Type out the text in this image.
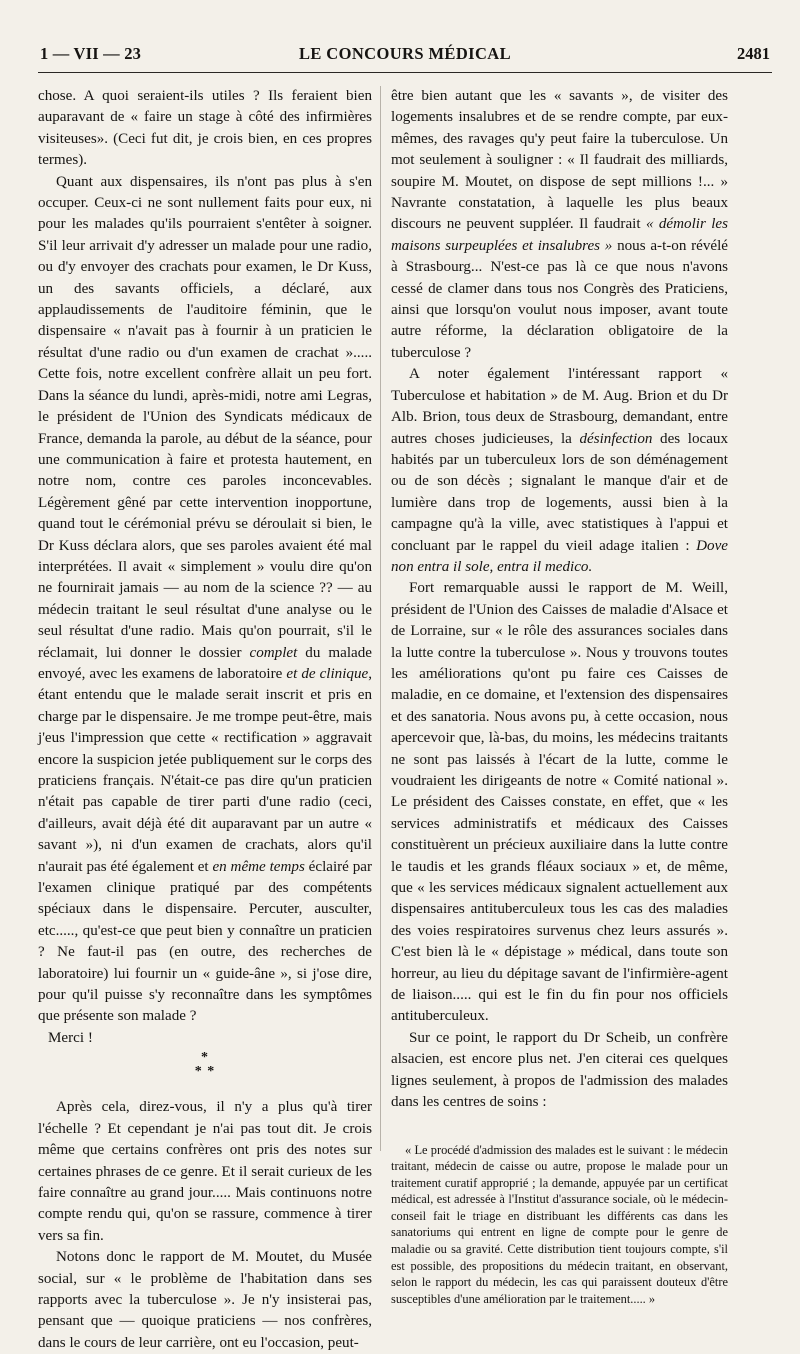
1 — VII — 23	LE CONCOURS MÉDICAL	2481

chose. A quoi seraient-ils utiles ? Ils feraient bien auparavant de « faire un stage à côté des infirmières visiteuses». (Ceci fut dit, je crois bien, en ces propres termes).

Quant aux dispensaires, ils n'ont pas plus à s'en occuper. Ceux-ci ne sont nullement faits pour eux, ni pour les malades qu'ils pourraient s'entêter à soigner. S'il leur arrivait d'y adresser un malade pour une radio, ou d'y envoyer des crachats pour examen, le Dr Kuss, un des savants officiels, a déclaré, aux applaudissements de l'auditoire féminin, que le dispensaire « n'avait pas à fournir à un praticien le résultat d'une radio ou d'un examen de crachat »..... Cette fois, notre excellent confrère allait un peu fort. Dans la séance du lundi, après-midi, notre ami Legras, le président de l'Union des Syndicats médicaux de France, demanda la parole, au début de la séance, pour une communication à faire et protesta hautement, en notre nom, contre ces paroles inconcevables. Légèrement gêné par cette intervention inopportune, quand tout le cérémonial prévu se déroulait si bien, le Dr Kuss déclara alors, que ses paroles avaient été mal interprétées. Il avait « simplement » voulu dire qu'on ne fournirait jamais — au nom de la science ?? — au médecin traitant le seul résultat d'une analyse ou le seul résultat d'une radio. Mais qu'on pourrait, s'il le réclamait, lui donner le dossier complet du malade envoyé, avec les examens de laboratoire et de clinique, étant entendu que le malade serait inscrit et pris en charge par le dispensaire. Je me trompe peut-être, mais j'eus l'impression que cette « rectification » aggravait encore la suspicion jetée publiquement sur le corps des praticiens français. N'était-ce pas dire qu'un praticien n'était pas capable de tirer parti d'une radio (ceci, d'ailleurs, avait déjà été dit auparavant par un autre « savant »), ni d'un examen de crachats, alors qu'il n'aurait pas été également et en même temps éclairé par l'examen clinique pratiqué par des compétents spéciaux dans le dispensaire. Percuter, ausculter, etc....., qu'est-ce que peut bien y connaître un praticien ? Ne faut-il pas (en outre, des recherches de laboratoire) lui fournir un « guide-âne », si j'ose dire, pour qu'il puisse s'y reconnaître dans les symptômes que présente son malade ?

Merci !

*
* *

Après cela, direz-vous, il n'y a plus qu'à tirer l'échelle ? Et cependant je n'ai pas tout dit. Je crois même que certains confrères ont pris des notes sur certaines phrases de ce genre. Et il serait curieux de les faire connaître au grand jour..... Mais continuons notre compte rendu qui, qu'on se rassure, commence à tirer vers sa fin.

Notons donc le rapport de M. Moutet, du Musée social, sur « le problème de l'habitation dans ses rapports avec la tuberculose ». Je n'y insisterai pas, pensant que — quoique praticiens — nos confrères, dans le cours de leur carrière, ont eu l'occasion, peut-

être bien autant que les « savants », de visiter des logements insalubres et de se rendre compte, par eux-mêmes, des ravages qu'y peut faire la tuberculose. Un mot seulement à souligner : « Il faudrait des milliards, soupire M. Moutet, on dispose de sept millions !... » Navrante constatation, à laquelle les plus beaux discours ne peuvent suppléer. Il faudrait « démolir les maisons surpeuplées et insalubres » nous a-t-on révélé à Strasbourg... N'est-ce pas là ce que nous n'avons cessé de clamer dans tous nos Congrès des Praticiens, ainsi que lorsqu'on voulut nous imposer, avant toute autre réforme, la déclaration obligatoire de la tuberculose ?

A noter également l'intéressant rapport « Tuberculose et habitation » de M. Aug. Brion et du Dr Alb. Brion, tous deux de Strasbourg, demandant, entre autres choses judicieuses, la désinfection des locaux habités par un tuberculeux lors de son déménagement ou de son décès ; signalant le manque d'air et de lumière dans trop de logements, aussi bien à la campagne qu'à la ville, avec statistiques à l'appui et concluant par le rappel du vieil adage italien : Dove non entra il sole, entra il medico.

Fort remarquable aussi le rapport de M. Weill, président de l'Union des Caisses de maladie d'Alsace et de Lorraine, sur « le rôle des assurances sociales dans la lutte contre la tuberculose ». Nous y trouvons toutes les améliorations qu'ont pu faire ces Caisses de maladie, en ce domaine, et l'extension des dispensaires et des sanatoria. Nous avons pu, à cette occasion, nous apercevoir que, là-bas, du moins, les médecins traitants ne sont pas laissés à l'écart de la lutte, comme le voudraient les dirigeants de notre « Comité national ». Le président des Caisses constate, en effet, que « les services administratifs et médicaux des Caisses constituèrent un précieux auxiliaire dans la lutte contre le taudis et les grands fléaux sociaux » et, de même, que « les services médicaux signalent actuellement aux dispensaires antituberculeux tous les cas des maladies des voies respiratoires survenus chez leurs assurés ». C'est bien là le « dépistage » médical, dans toute son horreur, au lieu du dépitage savant de l'infirmière-agent de liaison..... qui est le fin du fin pour nos officiels antituberculeux.

Sur ce point, le rapport du Dr Scheib, un confrère alsacien, est encore plus net. J'en citerai ces quelques lignes seulement, à propos de l'admission des malades dans les centres de soins :

« Le procédé d'admission des malades est le suivant : le médecin traitant, médecin de caisse ou autre, propose le malade pour un traitement curatif approprié ; la demande, appuyée par un certificat médical, est adressée à l'Institut d'assurance sociale, où le médecin-conseil fait le triage en distribuant les différents cas dans les sanatoriums qui entrent en ligne de compte pour le genre de maladie ou sa gravité. Cette distribution tient toujours compte, s'il est possible, des propositions du médecin traitant, en observant, selon le rapport du médecin, les cas qui paraissent douteux d'être susceptibles d'une amélioration par le traitement..... »
